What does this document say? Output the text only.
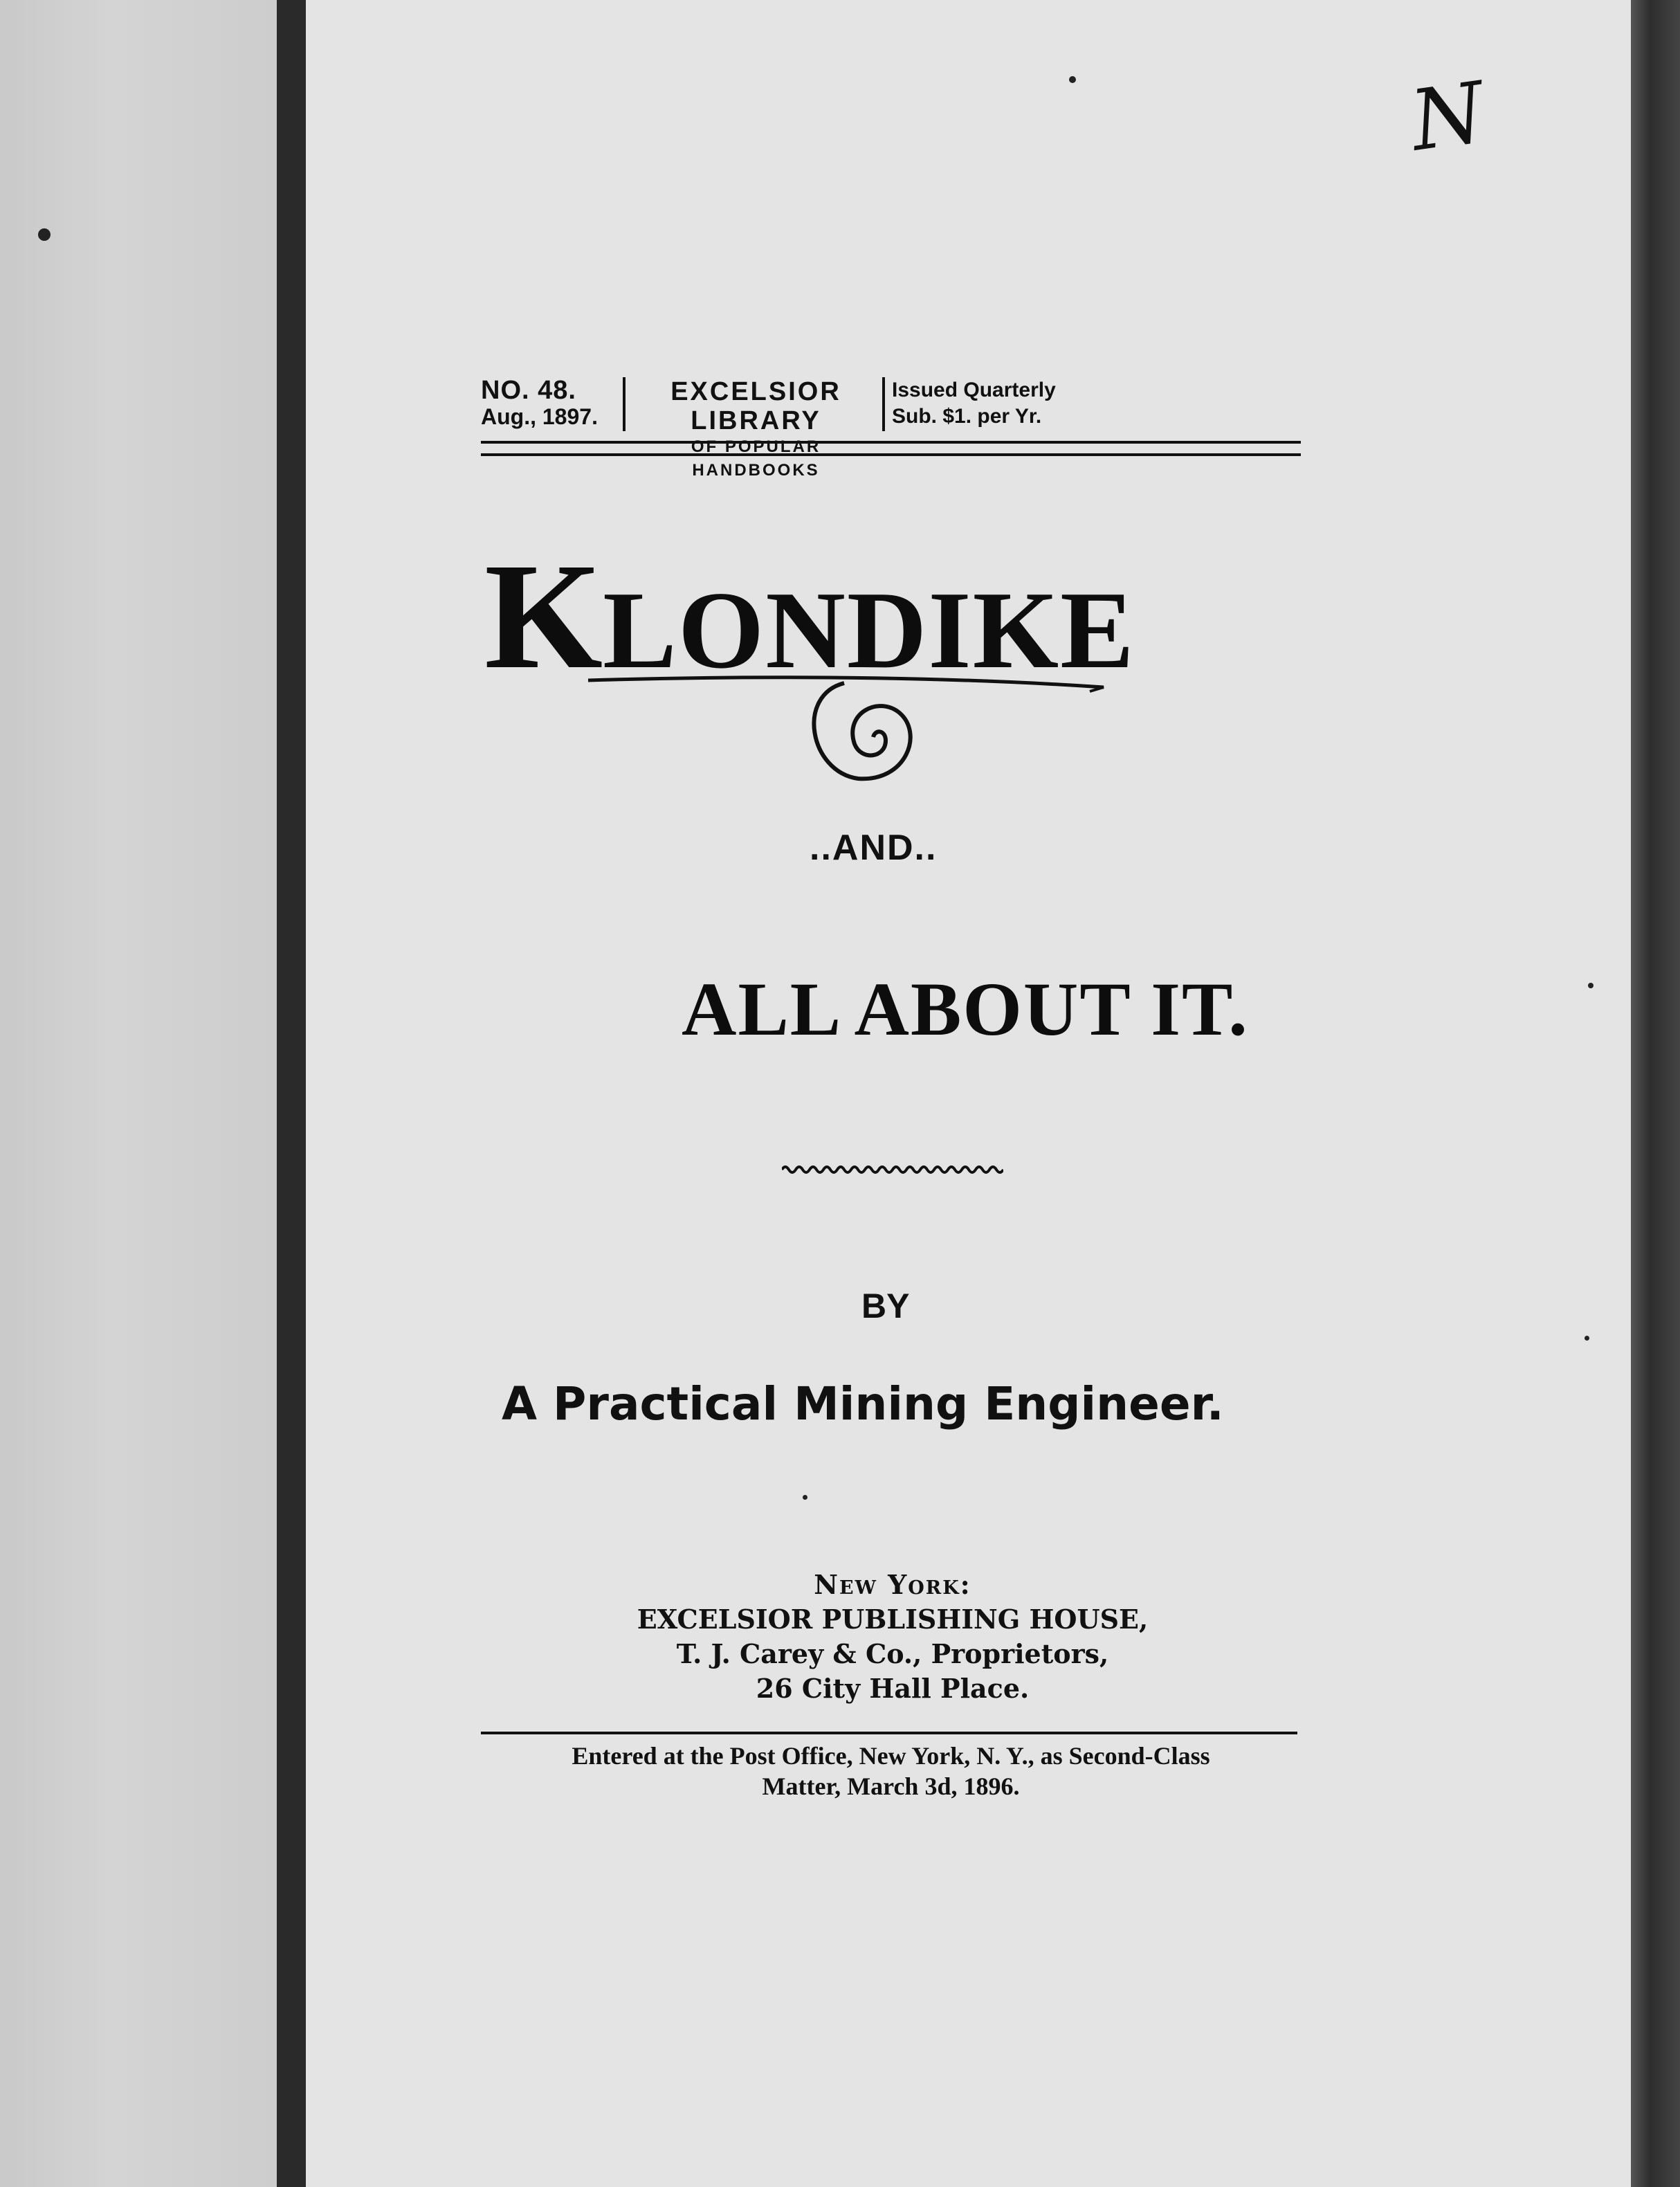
N
NO. 48.
Aug., 1897.
EXCELSIOR LIBRARY
OF POPULAR HANDBOOKS
Issued Quarterly
Sub. $1. per Yr.
KLONDIKE
..AND..
ALL ABOUT IT.
BY
A Practical Mining Engineer.
New York:
EXCELSIOR PUBLISHING HOUSE,
T. J. Carey & Co., Proprietors,
26 City Hall Place.
Entered at the Post Office, New York, N. Y., as Second-Class
Matter, March 3d, 1896.
